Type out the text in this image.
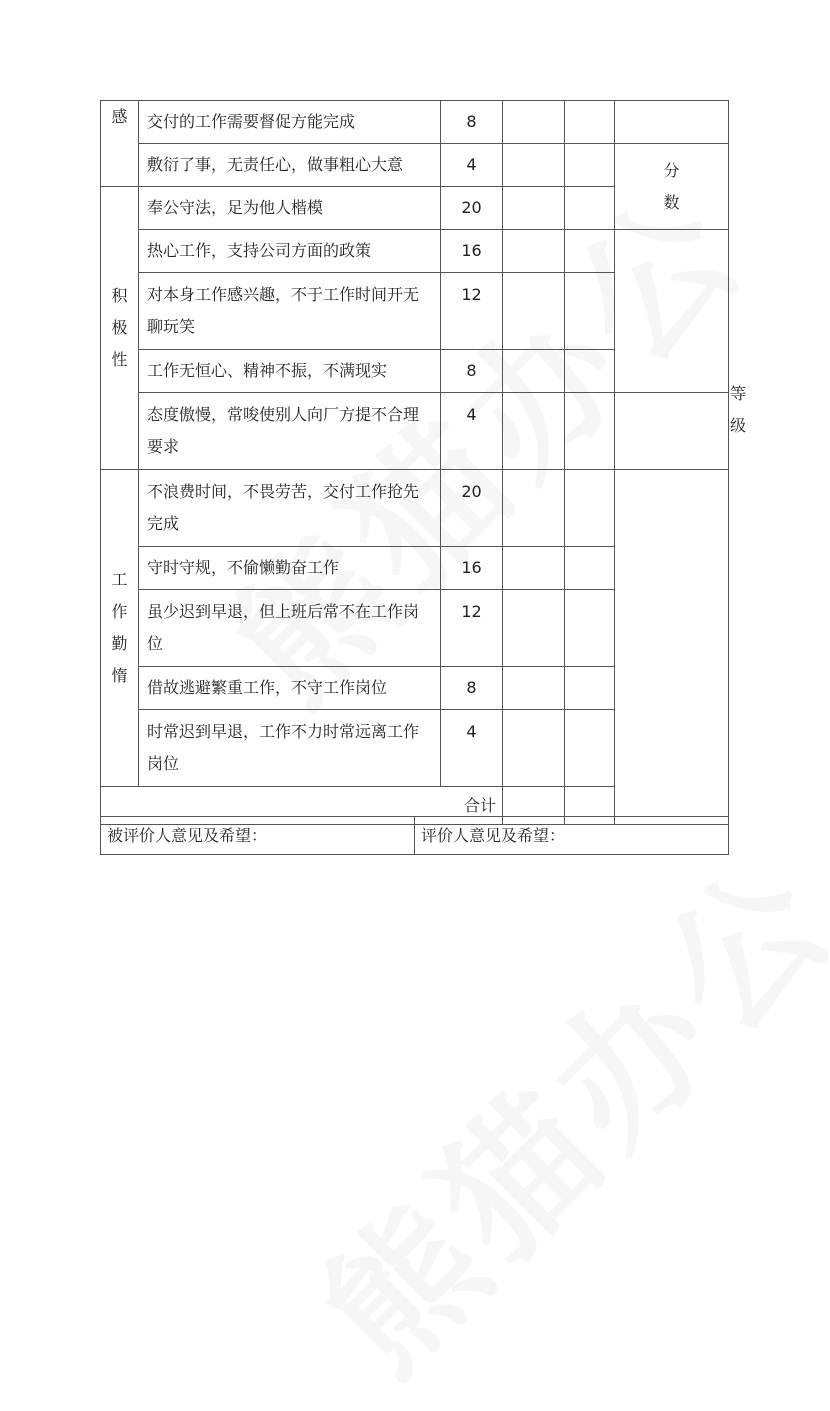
感	交付的工作需要督促方能完成	8				
	敷衍了事，无责任心，做事粗心大意	4			分数	
积极性	奉公守法，足为他人楷模	20				
	热心工作，支持公司方面的政策	16				
	对本身工作感兴趣，不于工作时间开无聊玩笑	12				
	工作无恒心、精神不振，不满现实	8				等级
	态度傲慢，常唆使别人向厂方提不合理要求	4				
工作勤惰	不浪费时间，不畏劳苦，交付工作抢先完成	20				
	守时守规，不偷懒勤奋工作	16				
	虽少迟到早退，但上班后常不在工作岗位	12				
	借故逃避繁重工作，不守工作岗位	8				
	时常迟到早退，工作不力时常远离工作岗位	4				
合计						
被评价人意见及希望：	评价人意见及希望：
